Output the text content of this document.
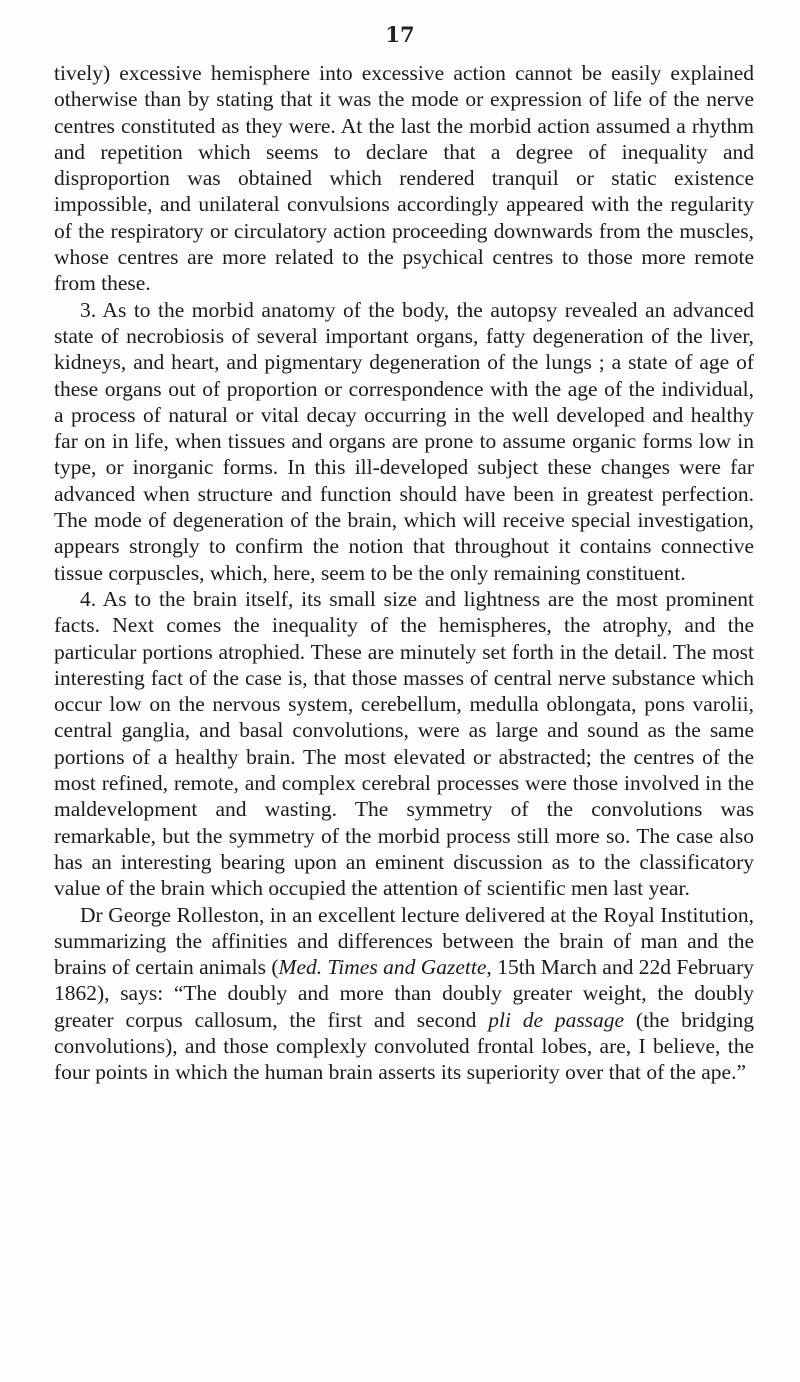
17

tively) excessive hemisphere into excessive action cannot be easily explained otherwise than by stating that it was the mode or expression of life of the nerve centres constituted as they were. At the last the morbid action assumed a rhythm and repetition which seems to declare that a degree of inequality and disproportion was obtained which rendered tranquil or static existence impossible, and unilateral convulsions accordingly appeared with the regularity of the respiratory or circulatory action proceeding downwards from the muscles, whose centres are more related to the psychical centres to those more remote from these.

3. As to the morbid anatomy of the body, the autopsy revealed an advanced state of necrobiosis of several important organs, fatty degeneration of the liver, kidneys, and heart, and pigmentary degeneration of the lungs ; a state of age of these organs out of proportion or correspondence with the age of the individual, a process of natural or vital decay occurring in the well developed and healthy far on in life, when tissues and organs are prone to assume organic forms low in type, or inorganic forms. In this ill-developed subject these changes were far advanced when structure and function should have been in greatest perfection. The mode of degeneration of the brain, which will receive special investigation, appears strongly to confirm the notion that throughout it contains connective tissue corpuscles, which, here, seem to be the only remaining constituent.

4. As to the brain itself, its small size and lightness are the most prominent facts. Next comes the inequality of the hemispheres, the atrophy, and the particular portions atrophied. These are minutely set forth in the detail. The most interesting fact of the case is, that those masses of central nerve substance which occur low on the nervous system, cerebellum, medulla oblongata, pons varolii, central ganglia, and basal convolutions, were as large and sound as the same portions of a healthy brain. The most elevated or abstracted; the centres of the most refined, remote, and complex cerebral processes were those involved in the maldevelopment and wasting. The symmetry of the convolutions was remarkable, but the symmetry of the morbid process still more so. The case also has an interesting bearing upon an eminent discussion as to the classificatory value of the brain which occupied the attention of scientific men last year.

Dr George Rolleston, in an excellent lecture delivered at the Royal Institution, summarizing the affinities and differences between the brain of man and the brains of certain animals (Med. Times and Gazette, 15th March and 22d February 1862), says: “The doubly and more than doubly greater weight, the doubly greater corpus callosum, the first and second pli de passage (the bridging convolutions), and those complexly convoluted frontal lobes, are, I believe, the four points in which the human brain asserts its superiority over that of the ape.”
